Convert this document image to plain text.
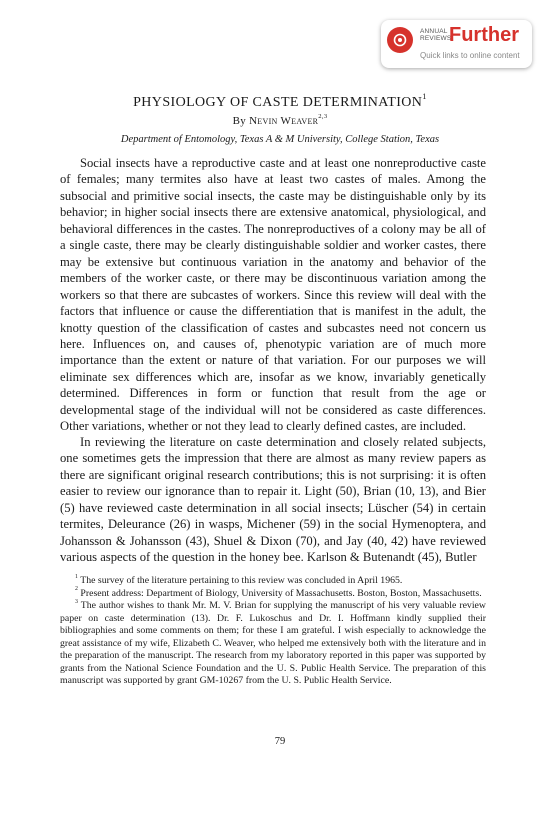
ANNUAL
REVIEWS
Further
Quick links to online content
PHYSIOLOGY OF CASTE DETERMINATION$^1$
By Nevin Weaver$^{2,3}$
Department of Entomology, Texas A & M University, College Station, Texas

Social insects have a reproductive caste and at least one nonreproductive caste of females; many termites also have at least two castes of males. Among the subsocial and primitive social insects, the caste may be distinguishable only by its behavior; in higher social insects there are extensive anatomical, physiological, and behavioral differences in the castes. The nonreproductives of a colony may be all of a single caste, there may be clearly distinguishable soldier and worker castes, there may be extensive but continuous variation in the anatomy and behavior of the members of the worker caste, or there may be discontinuous variation among the workers so that there are subcastes of workers. Since this review will deal with the factors that influence or cause the differentiation that is manifest in the adult, the knotty question of the classification of castes and subcastes need not concern us here. Influences on, and causes of, phenotypic variation are of much more importance than the extent or nature of that variation. For our purposes we will eliminate sex differences which are, insofar as we know, invariably genetically determined. Differences in form or function that result from the age or developmental stage of the individual will not be considered as caste differences. Other variations, whether or not they lead to clearly defined castes, are included.

In reviewing the literature on caste determination and closely related subjects, one sometimes gets the impression that there are almost as many review papers as there are significant original research contributions; this is not surprising: it is often easier to review our ignorance than to repair it. Light (50), Brian (10, 13), and Bier (5) have reviewed caste determination in all social insects; Lüscher (54) in certain termites, Deleurance (26) in wasps, Michener (59) in the social Hymenoptera, and Johansson & Johansson (43), Shuel & Dixon (70), and Jay (40, 42) have reviewed various aspects of the question in the honey bee. Karlson & Butenandt (45), Butler

$^1$ The survey of the literature pertaining to this review was concluded in April 1965.

$^2$ Present address: Department of Biology, University of Massachusetts. Boston, Boston, Massachusetts.

$^3$ The author wishes to thank Mr. M. V. Brian for supplying the manuscript of his very valuable review paper on caste determination (13). Dr. F. Lukoschus and Dr. I. Hoffmann kindly supplied their bibliographies and some comments on them; for these I am grateful. I wish especially to acknowledge the great assistance of my wife, Elizabeth C. Weaver, who helped me extensively both with the literature and in the preparation of the manuscript. The research from my laboratory reported in this paper was supported by grants from the National Science Foundation and the U. S. Public Health Service. The preparation of this manuscript was supported by grant GM-10267 from the U. S. Public Health Service.

79
